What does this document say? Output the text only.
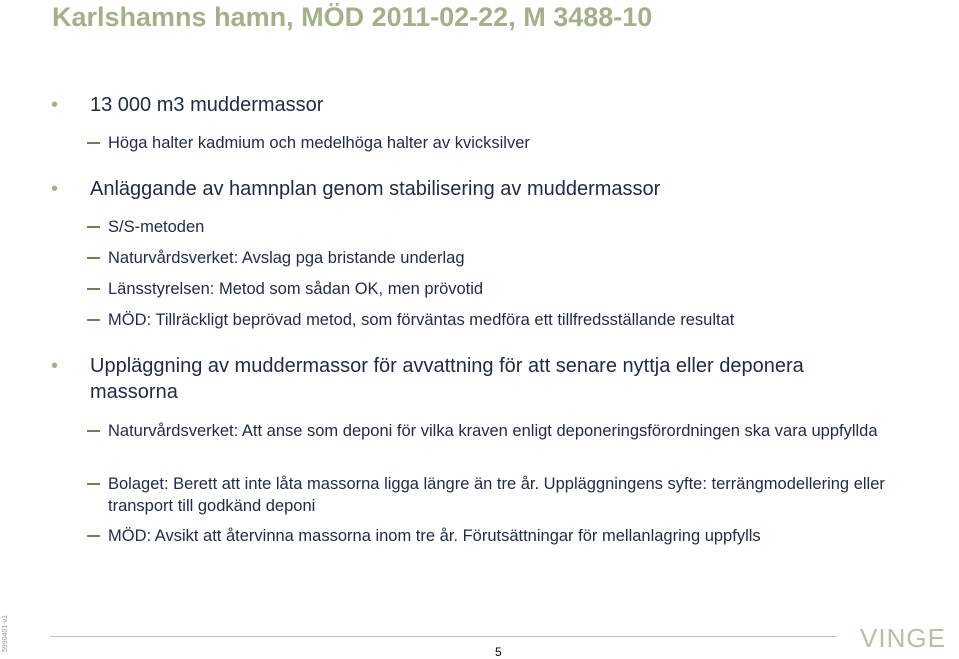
Karlshamns hamn, MÖD 2011-02-22, M 3488-10
• 13 000 m3 muddermassor
Höga halter kadmium och medelhöga halter av kvicksilver
• Anläggande av hamnplan genom stabilisering av muddermassor
S/S-metoden
Naturvårdsverket: Avslag pga bristande underlag
Länsstyrelsen: Metod som sådan OK, men prövotid
MÖD: Tillräckligt beprövad metod, som förväntas medföra ett tillfredsställande resultat
• Uppläggning av muddermassor för avvattning för att senare nyttja eller deponera massorna
Naturvårdsverket: Att anse som deponi för vilka kraven enligt deponeringsförordningen ska vara uppfyllda
Bolaget: Berett att inte låta massorna ligga längre än tre år. Uppläggningens syfte: terrängmodellering eller transport till godkänd deponi
MÖD: Avsikt att återvinna massorna inom tre år. Förutsättningar för mellanlagring uppfylls
5	VINGE
5990401-v1
